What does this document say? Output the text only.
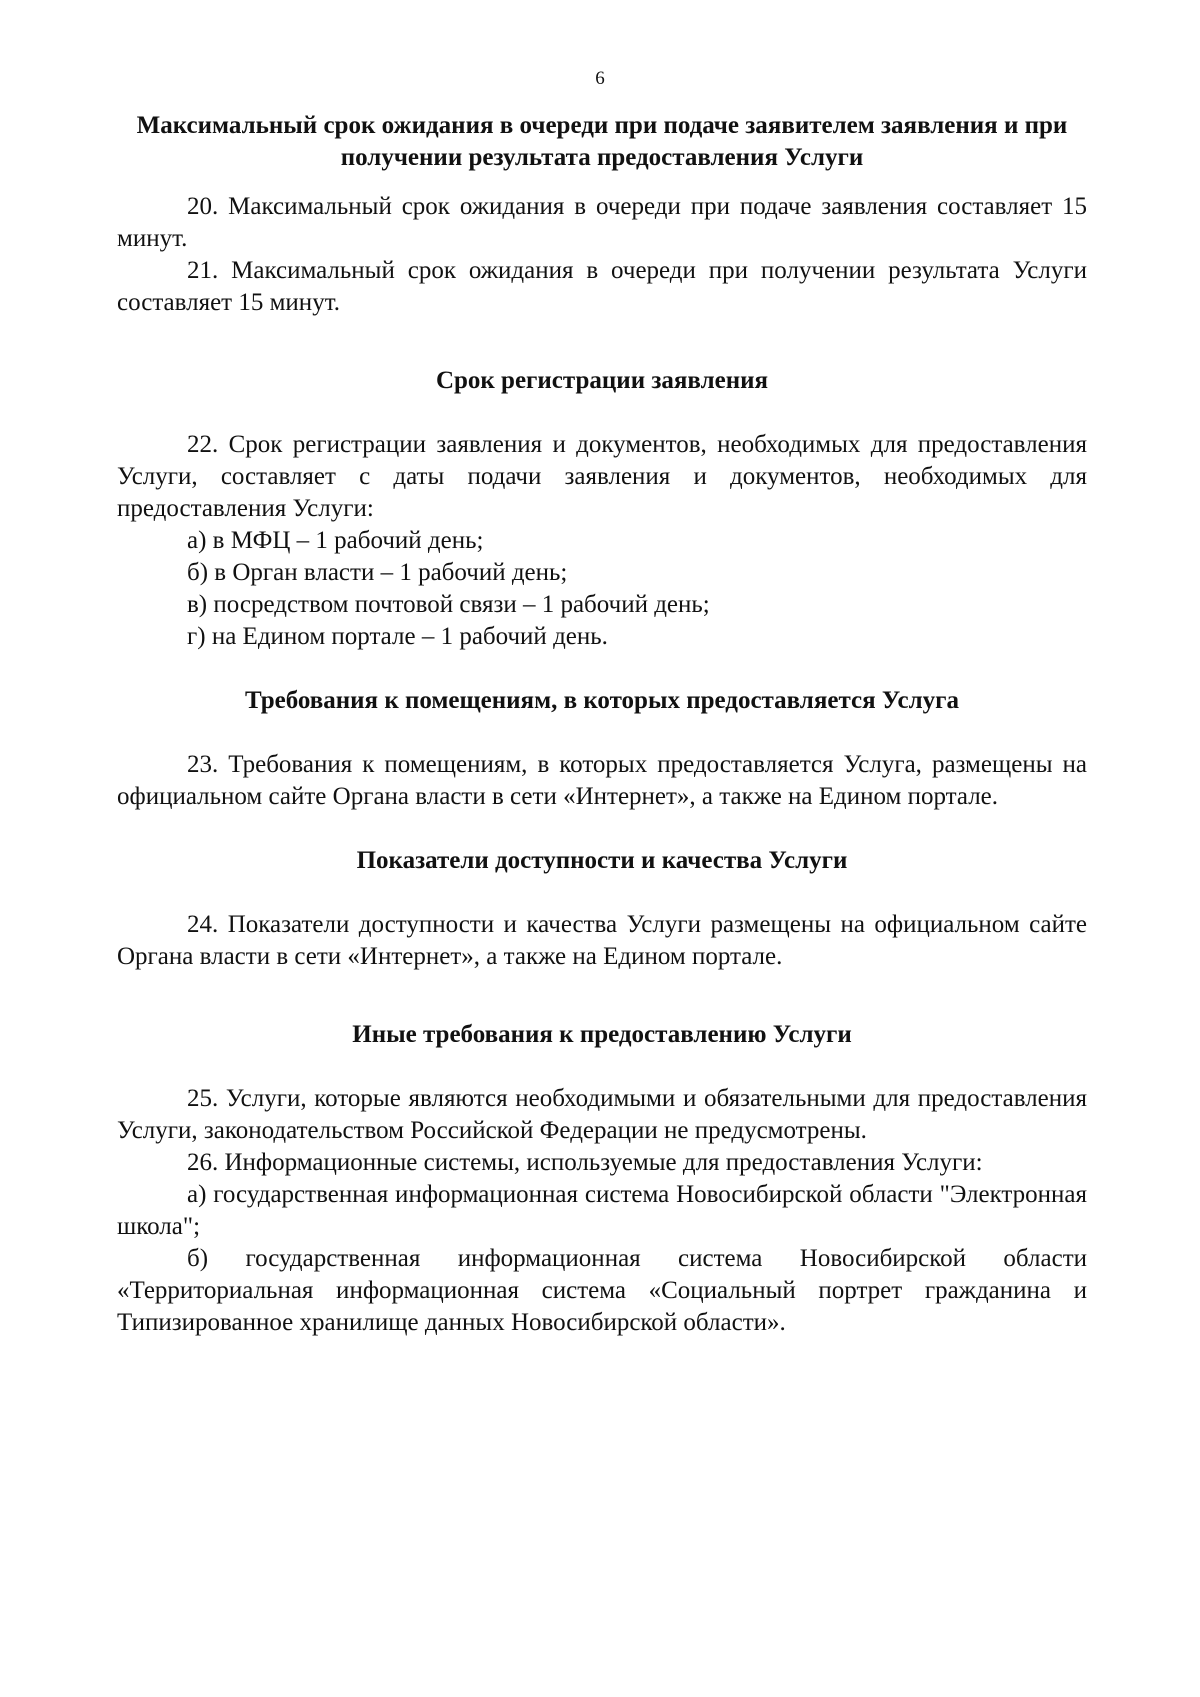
6
Максимальный срок ожидания в очереди при подаче заявителем заявления и при получении результата предоставления Услуги

20. Максимальный срок ожидания в очереди при подаче заявления составляет 15 минут.

21. Максимальный срок ожидания в очереди при получении результата Услуги составляет 15 минут.

Срок регистрации заявления

22. Срок регистрации заявления и документов, необходимых для предоставления Услуги, составляет с даты подачи заявления и документов, необходимых для предоставления Услуги:

а) в МФЦ – 1 рабочий день;

б) в Орган власти – 1 рабочий день;

в) посредством почтовой связи – 1 рабочий день;

г) на Едином портале – 1 рабочий день.

Требования к помещениям, в которых предоставляется Услуга

23. Требования к помещениям, в которых предоставляется Услуга, размещены на официальном сайте Органа власти в сети «Интернет», а также на Едином портале.

Показатели доступности и качества Услуги

24. Показатели доступности и качества Услуги размещены на официальном сайте Органа власти в сети «Интернет», а также на Едином портале.

Иные требования к предоставлению Услуги

25. Услуги, которые являются необходимыми и обязательными для предоставления Услуги, законодательством Российской Федерации не предусмотрены.

26. Информационные системы, используемые для предоставления Услуги:

а) государственная информационная система Новосибирской области "Электронная школа";

б) государственная информационная система Новосибирской области «Территориальная информационная система «Социальный портрет гражданина и Типизированное хранилище данных Новосибирской области».
